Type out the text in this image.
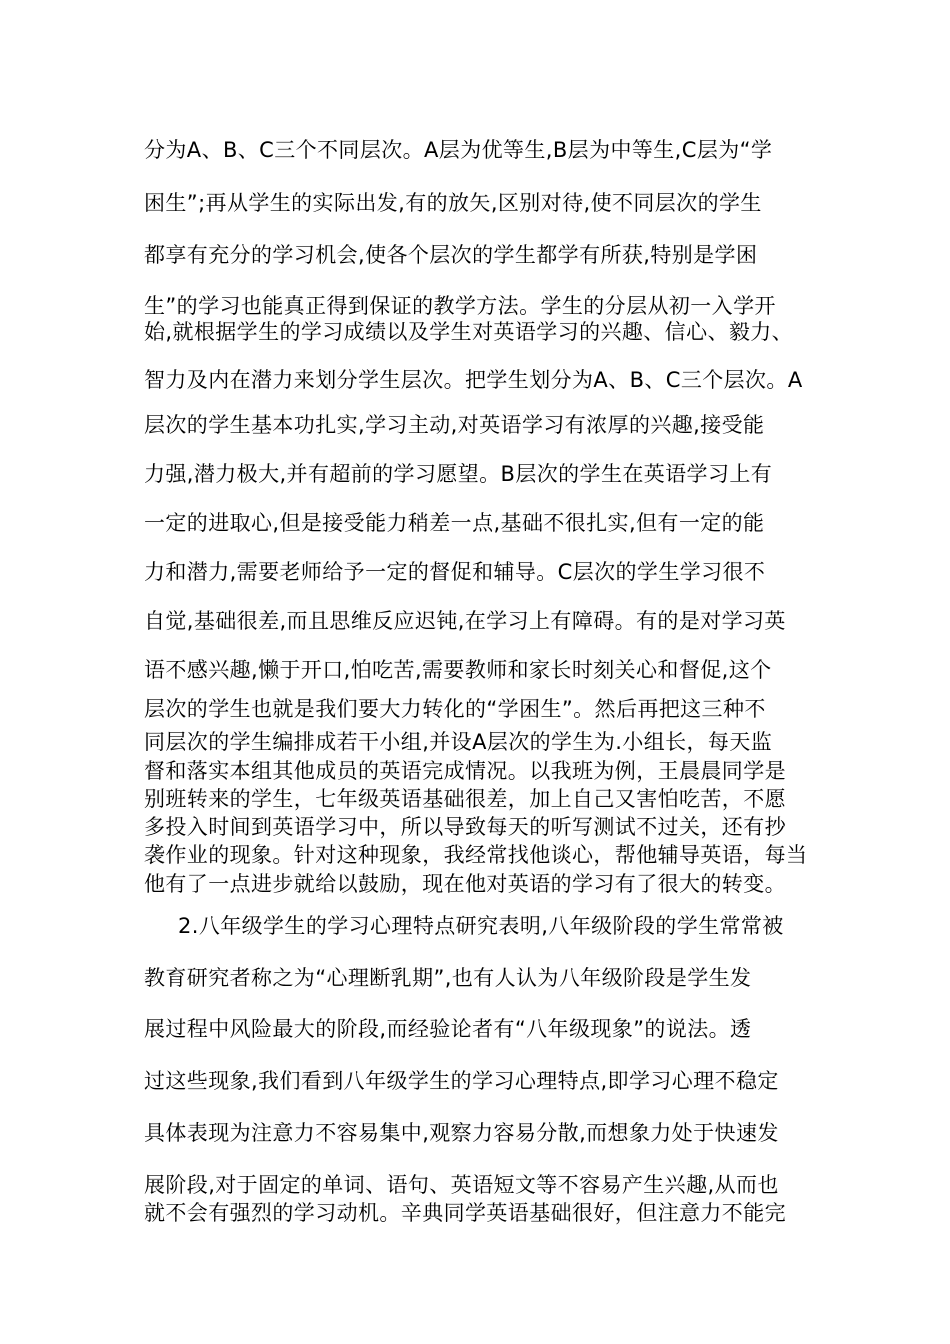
分为A、B、C三个不同层次。A层为优等生,B层为中等生,C层为“学
困生”;再从学生的实际出发,有的放矢,区别对待,使不同层次的学生
都享有充分的学习机会,使各个层次的学生都学有所获,特别是学困
生”的学习也能真正得到保证的教学方法。学生的分层从初一入学开
始,就根据学生的学习成绩以及学生对英语学习的兴趣、信心、毅力、
智力及内在潜力来划分学生层次。把学生划分为A、B、C三个层次。A
层次的学生基本功扎实,学习主动,对英语学习有浓厚的兴趣,接受能
力强,潜力极大,并有超前的学习愿望。B层次的学生在英语学习上有
一定的进取心,但是接受能力稍差一点,基础不很扎实,但有一定的能
力和潜力,需要老师给予一定的督促和辅导。C层次的学生学习很不
自觉,基础很差,而且思维反应迟钝,在学习上有障碍。有的是对学习英
语不感兴趣,懒于开口,怕吃苦,需要教师和家长时刻关心和督促,这个
层次的学生也就是我们要大力转化的“学困生”。然后再把这三种不
同层次的学生编排成若干小组,并设A层次的学生为.小组长，每天监
督和落实本组其他成员的英语完成情况。以我班为例，王晨晨同学是
别班转来的学生，七年级英语基础很差，加上自己又害怕吃苦，不愿
多投入时间到英语学习中，所以导致每天的听写测试不过关，还有抄
袭作业的现象。针对这种现象，我经常找他谈心，帮他辅导英语，每当
他有了一点进步就给以鼓励，现在他对英语的学习有了很大的转变。
2.八年级学生的学习心理特点研究表明,八年级阶段的学生常常被
教育研究者称之为“心理断乳期”,也有人认为八年级阶段是学生发
展过程中风险最大的阶段,而经验论者有“八年级现象”的说法。透
过这些现象,我们看到八年级学生的学习心理特点,即学习心理不稳定
具体表现为注意力不容易集中,观察力容易分散,而想象力处于快速发
展阶段,对于固定的单词、语句、英语短文等不容易产生兴趣,从而也
就不会有强烈的学习动机。辛典同学英语基础很好，但注意力不能完
